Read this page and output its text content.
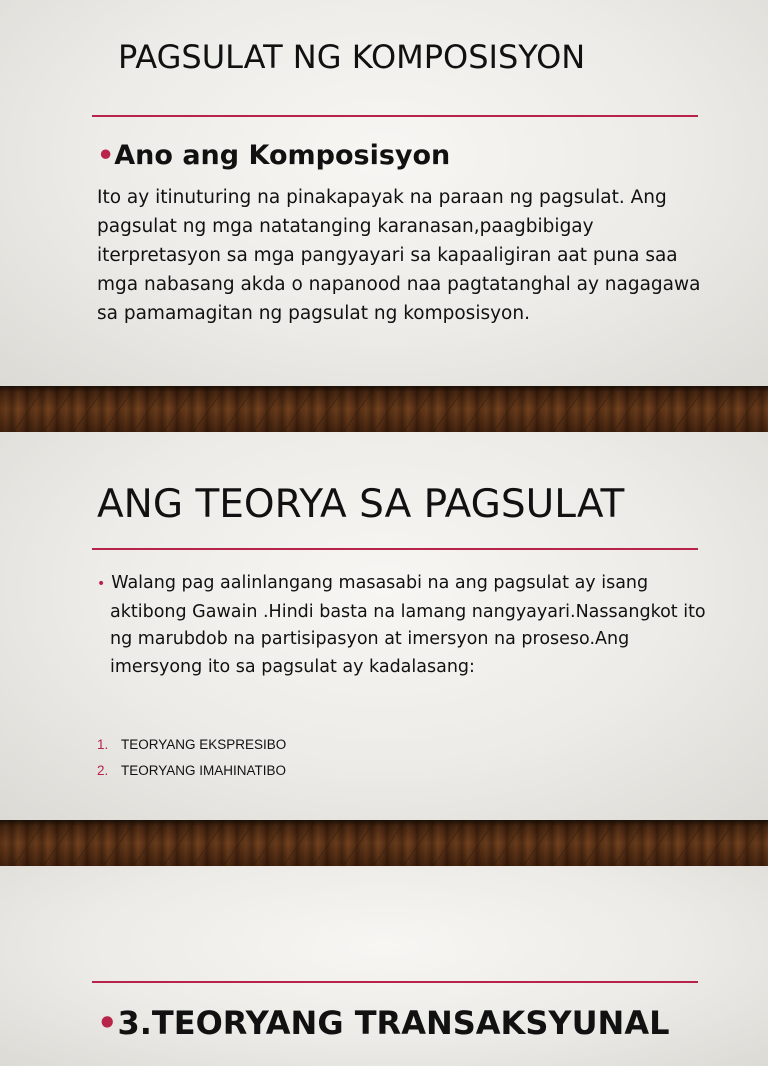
PAGSULAT NG KOMPOSISYON
•Ano ang Komposisyon

Ito ay itinuturing na pinakapayak na paraan ng pagsulat. Ang pagsulat ng mga natatanging karanasan,paagbibigay iterpretasyon sa mga pangyayari sa kapaaligiran aat puna saa mga nabasang akda o napanood naa pagtatanghal ay nagagawa sa pamamagitan ng pagsulat ng komposisyon.

ANG TEORYA SA PAGSULAT

• Walang pag aalinlangang masasabi na ang pagsulat ay isang aktibong Gawain .Hindi basta na lamang nangyayari.Nassangkot ito ng marubdob na partisipasyon at imersyon na proseso.Ang imersyong ito sa pagsulat ay kadalasang:

1. TEORYANG EKSPRESIBO
2. TEORYANG IMAHINATIBO
•3.TEORYANG TRANSAKSYUNAL
